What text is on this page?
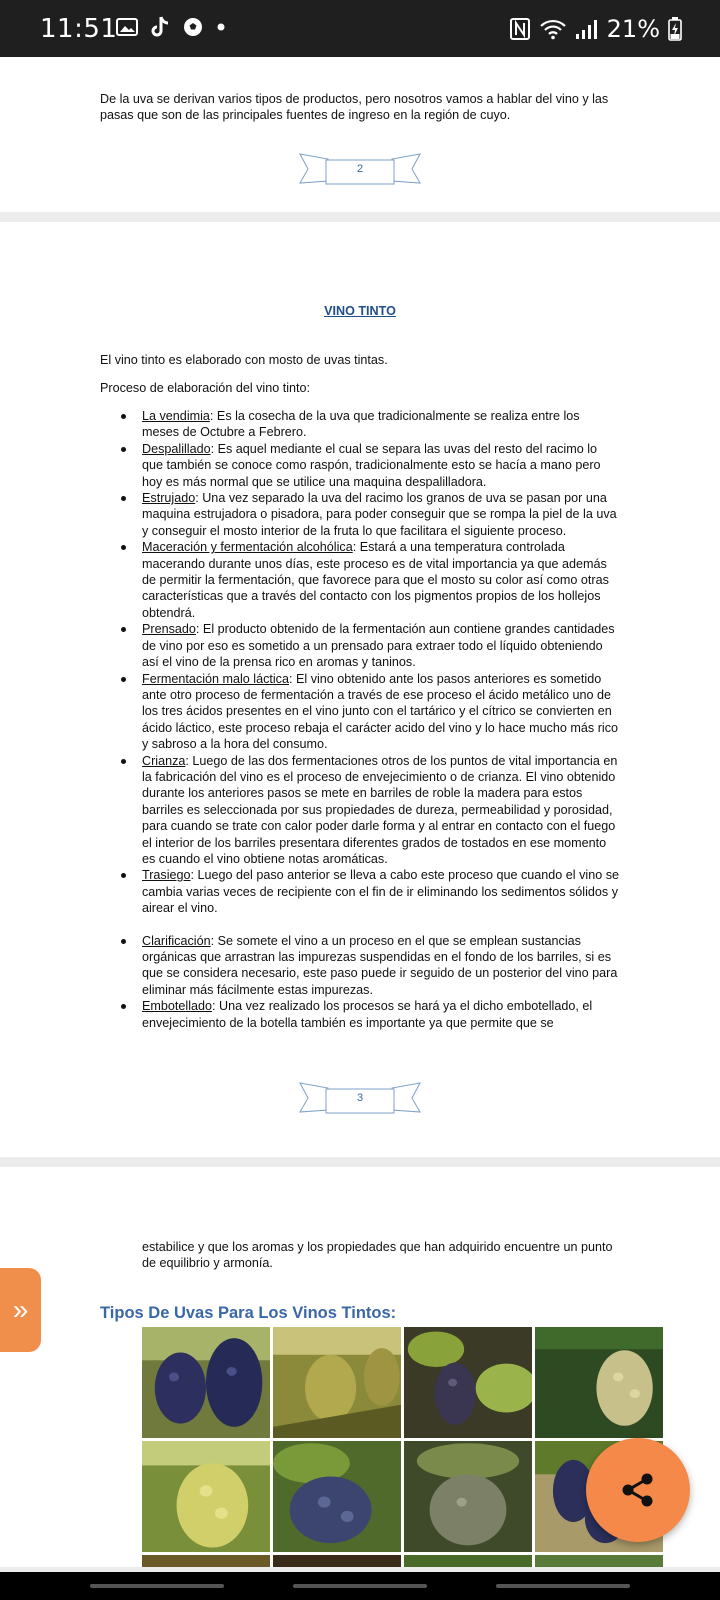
11:51	21%

De la uva se derivan varios tipos de productos, pero nosotros vamos a hablar del vino y las pasas que son de las principales fuentes de ingreso en la región de cuyo.

2
VINO TINTO

El vino tinto es elaborado con mosto de uvas tintas.

Proceso de elaboración del vino tinto:

La vendimia: Es la cosecha de la uva que tradicionalmente se realiza entre los meses de Octubre a Febrero.
Despalillado: Es aquel mediante el cual se separa las uvas del resto del racimo lo que también se conoce como raspón, tradicionalmente esto se hacía a mano pero hoy es más normal que se utilice una maquina despalilladora.
Estrujado: Una vez separado la uva del racimo los granos de uva se pasan por una maquina estrujadora o pisadora, para poder conseguir que se rompa la piel de la uva y conseguir el mosto interior de la fruta lo que facilitara el siguiente proceso.
Maceración y fermentación alcohólica: Estará a una temperatura controlada macerando durante unos días, este proceso es de vital importancia ya que además de permitir la fermentación, que favorece para que el mosto su color así como otras características que a través del contacto con los pigmentos propios de los hollejos obtendrá.
Prensado: El producto obtenido de la fermentación aun contiene grandes cantidades de vino por eso es sometido a un prensado para extraer todo el líquido obteniendo así el vino de la prensa rico en aromas y taninos.
Fermentación malo láctica: El vino obtenido ante los pasos anteriores es sometido ante otro proceso de fermentación a través de ese proceso el ácido metálico uno de los tres ácidos presentes en el vino junto con el tartárico y el cítrico se convierten en ácido láctico, este proceso rebaja el carácter acido del vino y lo hace mucho más rico y sabroso a la hora del consumo.
Crianza: Luego de las dos fermentaciones otros de los puntos de vital importancia en la fabricación del vino es el proceso de envejecimiento o de crianza. El vino obtenido durante los anteriores pasos se mete en barriles de roble la madera para estos barriles es seleccionada por sus propiedades de dureza, permeabilidad y porosidad, para cuando se trate con calor poder darle forma y al entrar en contacto con el fuego el interior de los barriles presentara diferentes grados de tostados en ese momento es cuando el vino obtiene notas aromáticas.
Trasiego: Luego del paso anterior se lleva a cabo este proceso que cuando el vino se cambia varias veces de recipiente con el fin de ir eliminando los sedimentos sólidos y airear el vino.
Clarificación: Se somete el vino a un proceso en el que se emplean sustancias orgánicas que arrastran las impurezas suspendidas en el fondo de los barriles, si es que se considera necesario, este paso puede ir seguido de un posterior del vino para eliminar más fácilmente estas impurezas.
Embotellado: Una vez realizado los procesos se hará ya el dicho embotellado, el envejecimiento de la botella también es importante ya que permite que se
3

estabilice y que los aromas y los propiedades que han adquirido encuentre un punto de equilibrio y armonía.

Tipos De Uvas Para Los Vinos Tintos:
»
